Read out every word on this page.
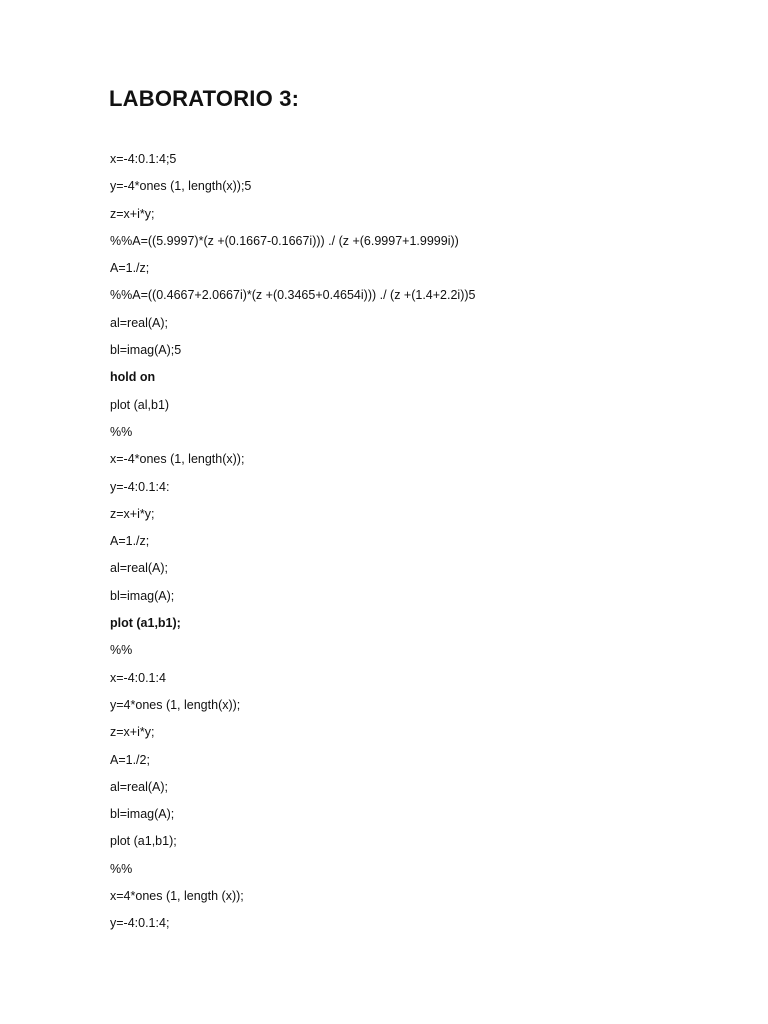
LABORATORIO 3:
x=-4:0.1:4;5
y=-4*ones (1, length(x));5
z=x+i*y;
%%A=((5.9997)*(z +(0.1667-0.1667i))) ./ (z +(6.9997+1.9999i))
A=1./z;
%%A=((0.4667+2.0667i)*(z +(0.3465+0.4654i))) ./ (z +(1.4+2.2i))5
al=real(A);
bl=imag(A);5
hold on
plot (al,b1)
%%
x=-4*ones (1, length(x));
y=-4:0.1:4:
z=x+i*y;
A=1./z;
al=real(A);
bl=imag(A);
plot (a1,b1);
%%
x=-4:0.1:4
y=4*ones (1, length(x));
z=x+i*y;
A=1./2;
al=real(A);
bl=imag(A);
plot (a1,b1);
%%
x=4*ones (1, length (x));
y=-4:0.1:4;
